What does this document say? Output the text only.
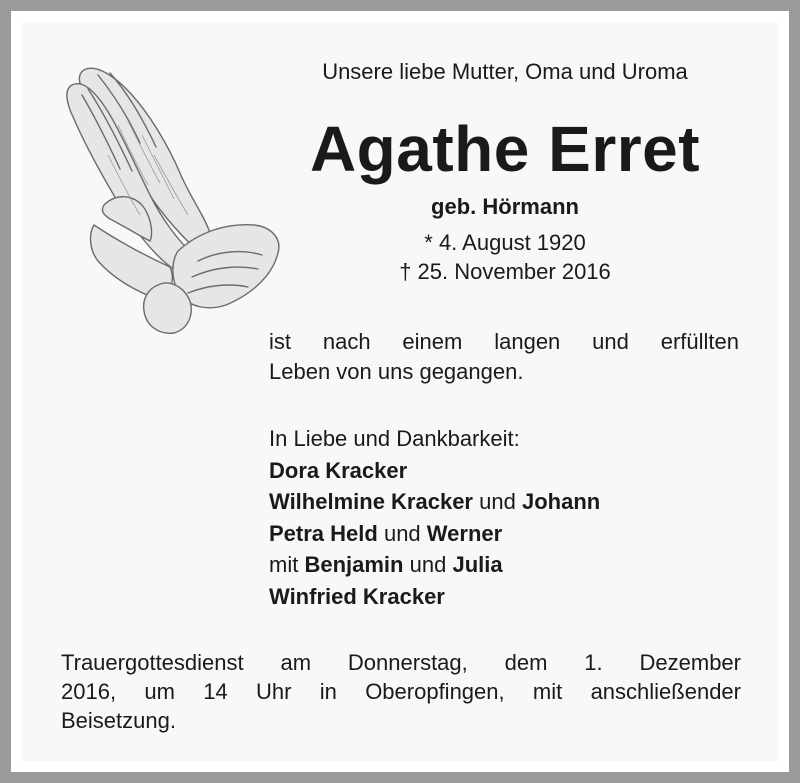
Unsere liebe Mutter, Oma und Uroma
Agathe Erret
geb. Hörmann
* 4. August 1920
† 25. November 2016
ist nach einem langen und erfüllten
Leben von uns gegangen.
In Liebe und Dankbarkeit:
Dora Kracker
Wilhelmine Kracker und Johann
Petra Held und Werner
mit Benjamin und Julia
Winfried Kracker
Trauergottesdienst am Donnerstag, dem 1. Dezember
2016, um 14 Uhr in Oberopfingen, mit anschließender
Beisetzung.
